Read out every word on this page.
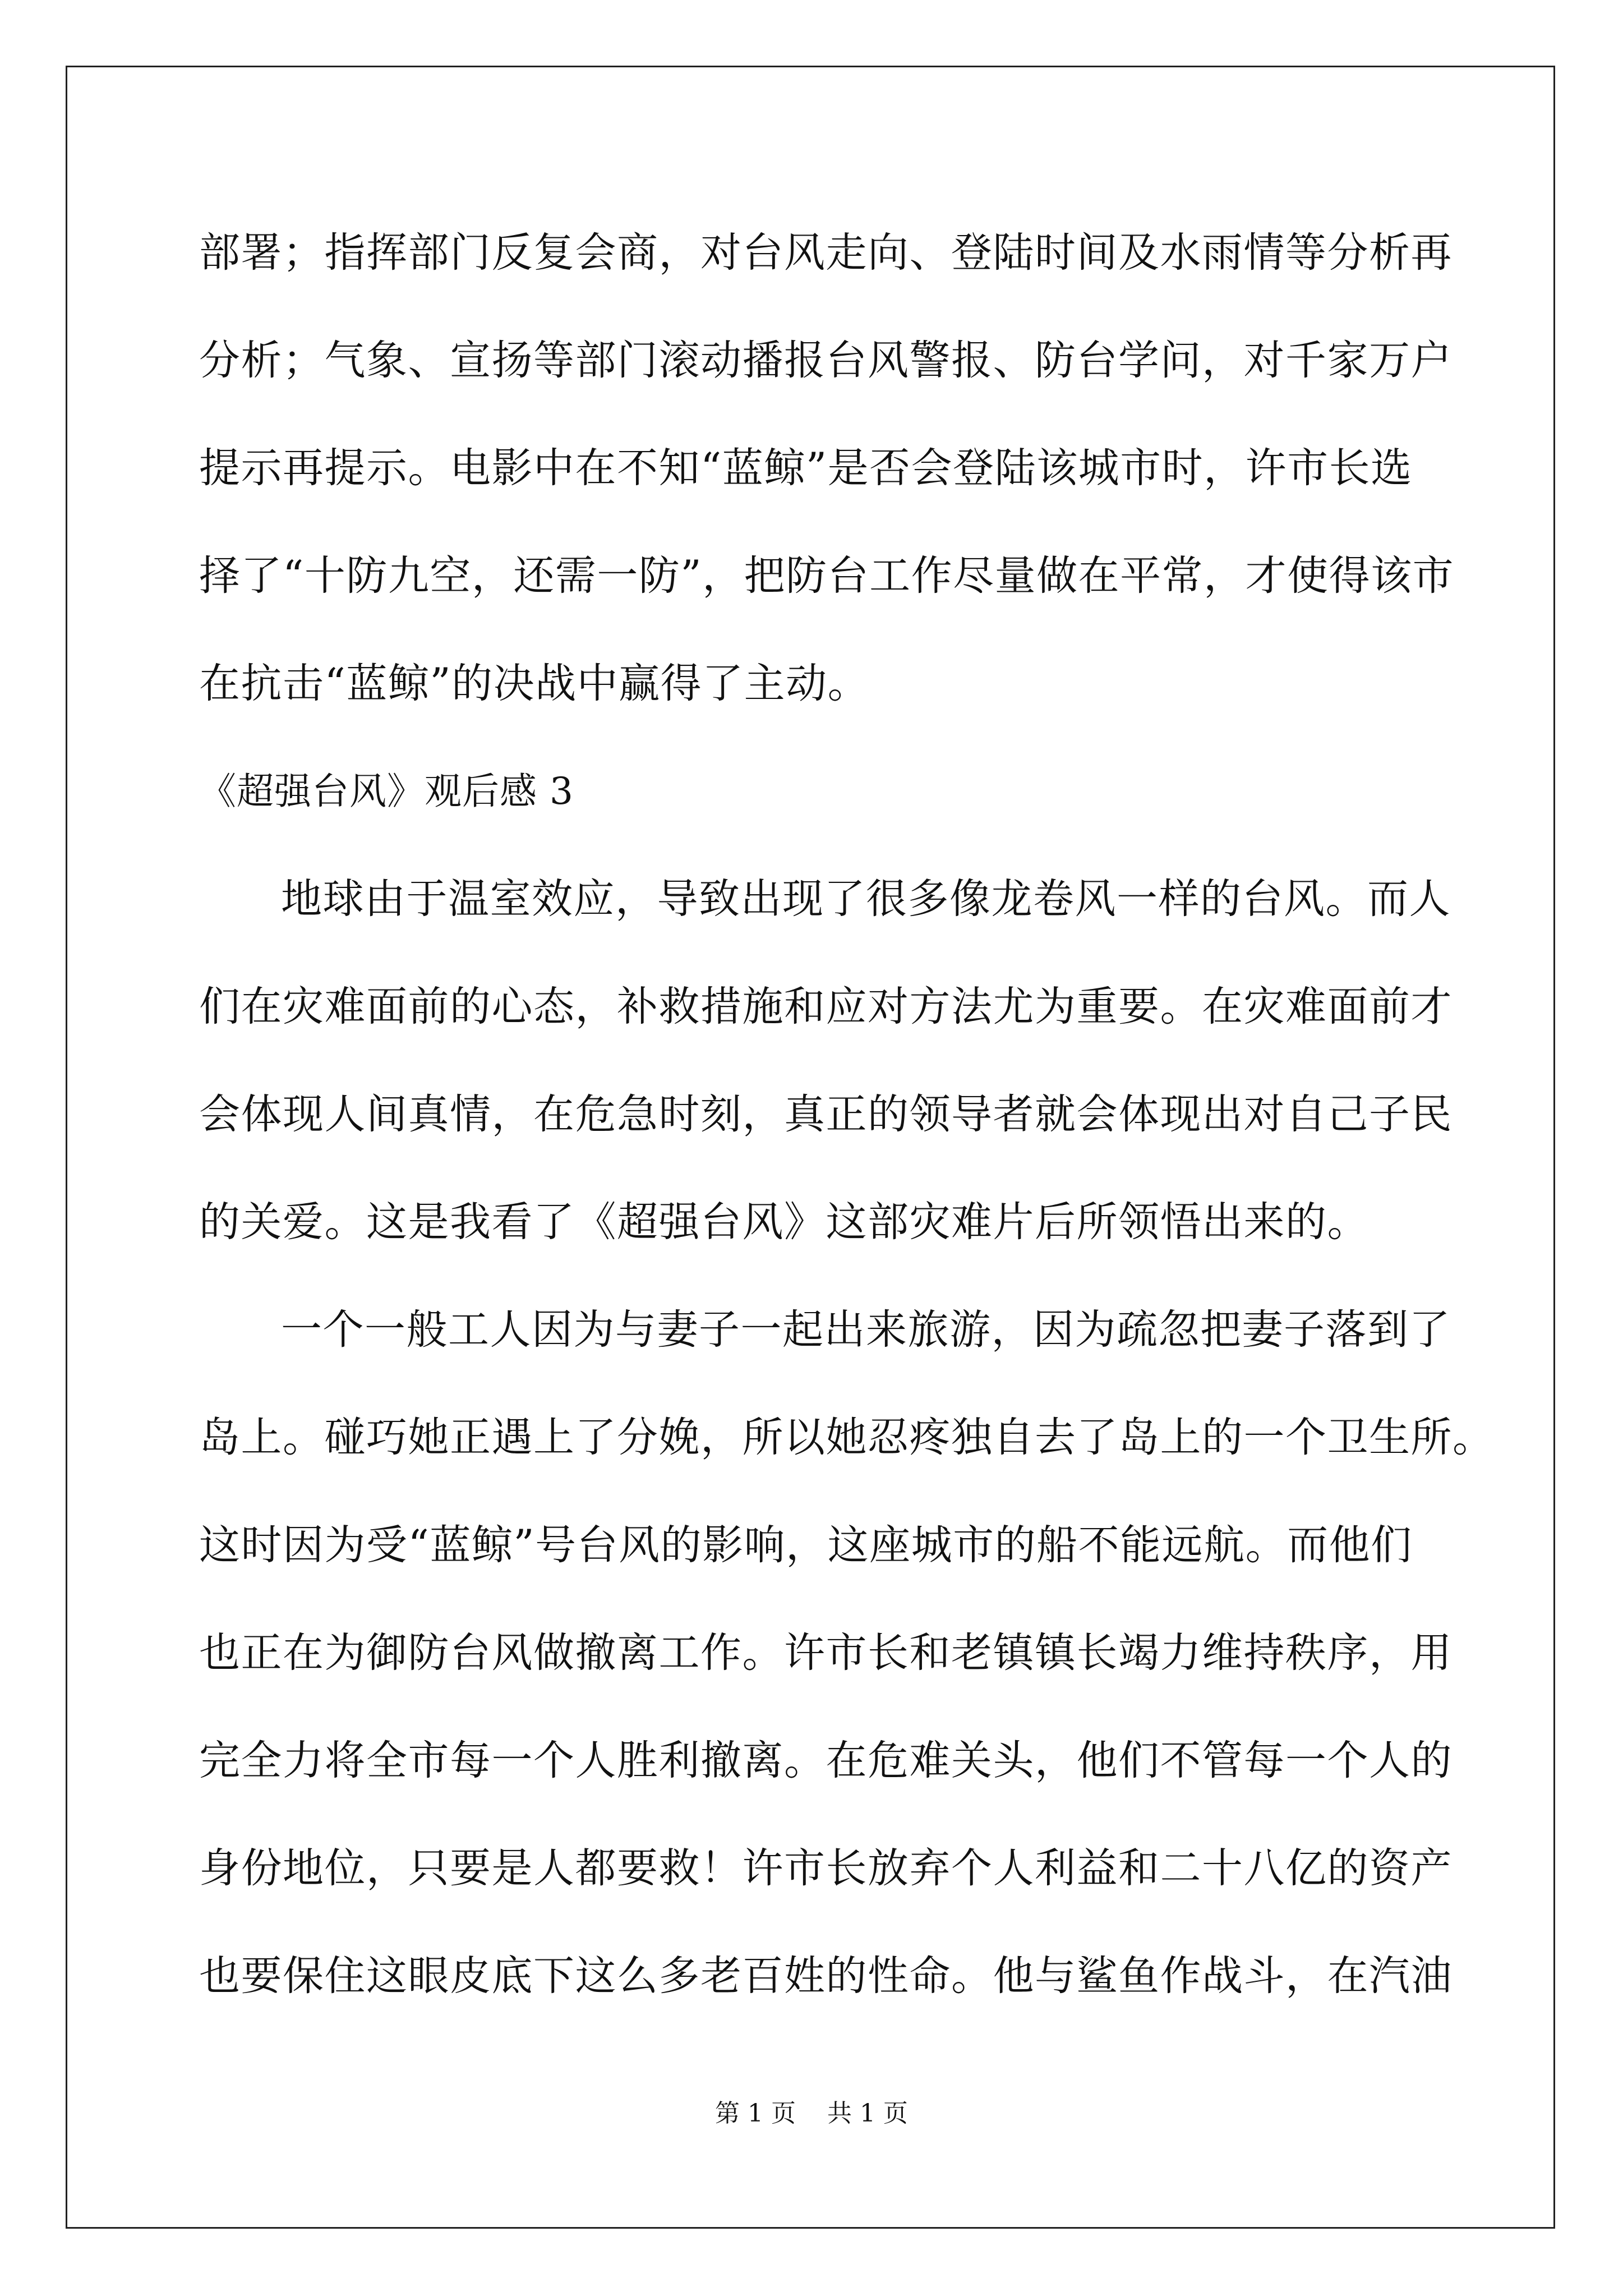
部署；指挥部门反复会商，对台风走向、登陆时间及水雨情等分析再
分析；气象、宣扬等部门滚动播报台风警报、防台学问，对千家万户
提示再提示。电影中在不知“蓝鲸”是否会登陆该城市时，许市长选
择了“十防九空，还需一防”，把防台工作尽量做在平常，才使得该市
在抗击“蓝鲸”的决战中赢得了主动。
《超强台风》观后感 3
地球由于温室效应，导致出现了很多像龙卷风一样的台风。而人
们在灾难面前的心态，补救措施和应对方法尤为重要。在灾难面前才
会体现人间真情，在危急时刻，真正的领导者就会体现出对自己子民
的关爱。这是我看了《超强台风》这部灾难片后所领悟出来的。
一个一般工人因为与妻子一起出来旅游，因为疏忽把妻子落到了
岛上。碰巧她正遇上了分娩，所以她忍疼独自去了岛上的一个卫生所。
这时因为受“蓝鲸”号台风的影响，这座城市的船不能远航。而他们
也正在为御防台风做撤离工作。许市长和老镇镇长竭力维持秩序，用
完全力将全市每一个人胜利撤离。在危难关头，他们不管每一个人的
身份地位，只要是人都要救！许市长放弃个人利益和二十八亿的资产
也要保住这眼皮底下这么多老百姓的性命。他与鲨鱼作战斗，在汽油
第 1 页    共 1 页
